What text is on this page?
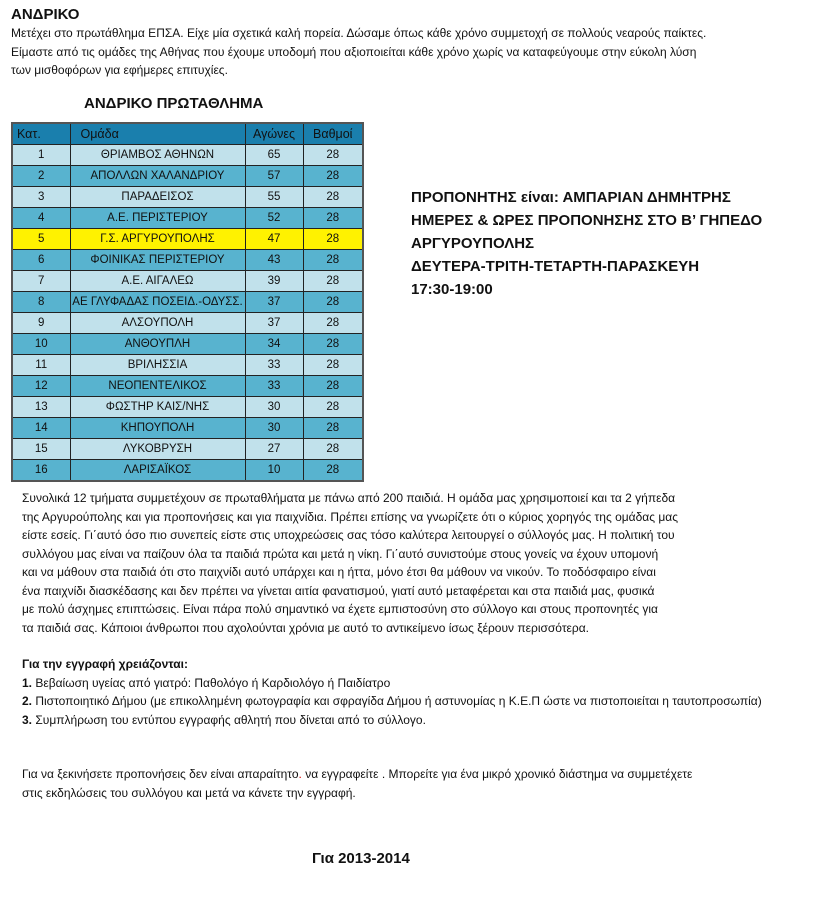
ΑΝΔΡΙΚΟ
Μετέχει στο πρωτάθλημα ΕΠΣΑ. Είχε μία σχετικά καλή πορεία. Δώσαμε όπως κάθε χρόνο συμμετοχή σε πολλούς νεαρούς παίκτες.
Είμαστε από τις ομάδες της Αθήνας που έχουμε υποδομή που αξιοποιείται κάθε χρόνο χωρίς να καταφεύγουμε στην εύκολη λύση
των μισθοφόρων για εφήμερες επιτυχίες.
ΑΝΔΡΙΚΟ ΠΡΩΤΑΘΛΗΜΑ
Κατ.	Ομάδα	Αγώνες	Βαθμοί
1	ΘΡΙΑΜΒΟΣ ΑΘΗΝΩΝ	65	28
2	ΑΠΟΛΛΩΝ ΧΑΛΑΝΔΡΙΟΥ	57	28
3	ΠΑΡΑΔΕΙΣΟΣ	55	28
4	Α.Ε. ΠΕΡΙΣΤΕΡΙΟΥ	52	28
5	Γ.Σ. ΑΡΓΥΡΟΥΠΟΛΗΣ	47	28
6	ΦΟΙΝΙΚΑΣ ΠΕΡΙΣΤΕΡΙΟΥ	43	28
7	Α.Ε. ΑΙΓΑΛΕΩ	39	28
8	ΑΕ ΓΛΥΦΑΔΑΣ ΠΟΣΕΙΔ.-ΟΔΥΣΣ.	37	28
9	ΑΛΣΟΥΠΟΛΗ	37	28
10	ΑΝΘΟΥΠΛΗ	34	28
11	ΒΡΙΛΗΣΣΙΑ	33	28
12	ΝΕΟΠΕΝΤΕΛΙΚΟΣ	33	28
13	ΦΩΣΤΗΡ ΚΑΙΣ/ΝΗΣ	30	28
14	ΚΗΠΟΥΠΟΛΗ	30	28
15	ΛΥΚΟΒΡΥΣΗ	27	28
16	ΛΑΡΙΣΑΪΚΟΣ	10	28
ΠΡΟΠΟΝΗΤΗΣ είναι: ΑΜΠΑΡΙΑΝ ΔΗΜΗΤΡΗΣ
ΗΜΕΡΕΣ & ΩΡΕΣ ΠΡΟΠΟΝΗΣΗΣ ΣΤΟ Β’ ΓΗΠΕΔΟ
ΑΡΓΥΡΟΥΠΟΛΗΣ
ΔΕΥΤΕΡΑ-ΤΡΙΤΗ-ΤΕΤΑΡΤΗ-ΠΑΡΑΣΚΕΥΗ
17:30-19:00
Συνολικά 12 τμήματα συμμετέχουν σε πρωταθλήματα με πάνω από 200 παιδιά. Η ομάδα μας χρησιμοποιεί και τα 2 γήπεδα
της Αργυρούπολης και για προπονήσεις και για παιχνίδια. Πρέπει επίσης να γνωρίζετε ότι ο κύριος χορηγός της ομάδας μας
είστε εσείς. Γι΄αυτό όσο πιο συνεπείς είστε στις υποχρεώσεις σας τόσο καλύτερα λειτουργεί ο σύλλογός μας. Η πολιτική του
συλλόγου μας είναι να παίζουν όλα τα παιδιά πρώτα και μετά η νίκη. Γι΄αυτό συνιστούμε στους γονείς να έχουν υπομονή
και να μάθουν στα παιδιά ότι στο παιχνίδι αυτό υπάρχει και η ήττα, μόνο έτσι θα μάθουν να νικούν. Το ποδόσφαιρο είναι
ένα παιχνίδι διασκέδασης και δεν πρέπει να γίνεται αιτία φανατισμού, γιατί αυτό μεταφέρεται και στα παιδιά μας, φυσικά
με πολύ άσχημες επιπτώσεις. Είναι πάρα πολύ σημαντικό να έχετε εμπιστοσύνη στο σύλλογο και στους προπονητές για
τα παιδιά σας. Κάποιοι άνθρωποι που αχολούνται χρόνια με αυτό το αντικείμενο ίσως ξέρουν περισσότερα.
Για την εγγραφή χρειάζονται:
1. Βεβαίωση υγείας από γιατρό: Παθολόγο ή Καρδιολόγο ή Παιδίατρο
2. Πιστοποιητικό Δήμου (με επικολλημένη φωτογραφία και σφραγίδα Δήμου ή αστυνομίας η Κ.Ε.Π ώστε να πιστοποιείται η ταυτοπροσωπία)
3. Συμπλήρωση του εντύπου εγγραφής αθλητή που δίνεται από το σύλλογο.
Για να ξεκινήσετε προπονήσεις δεν είναι απαραίτητο. να εγγραφείτε . Μπορείτε για ένα μικρό χρονικό διάστημα να συμμετέχετε
στις εκδηλώσεις του συλλόγου και μετά να κάνετε την εγγραφή.
Για 2013-2014
